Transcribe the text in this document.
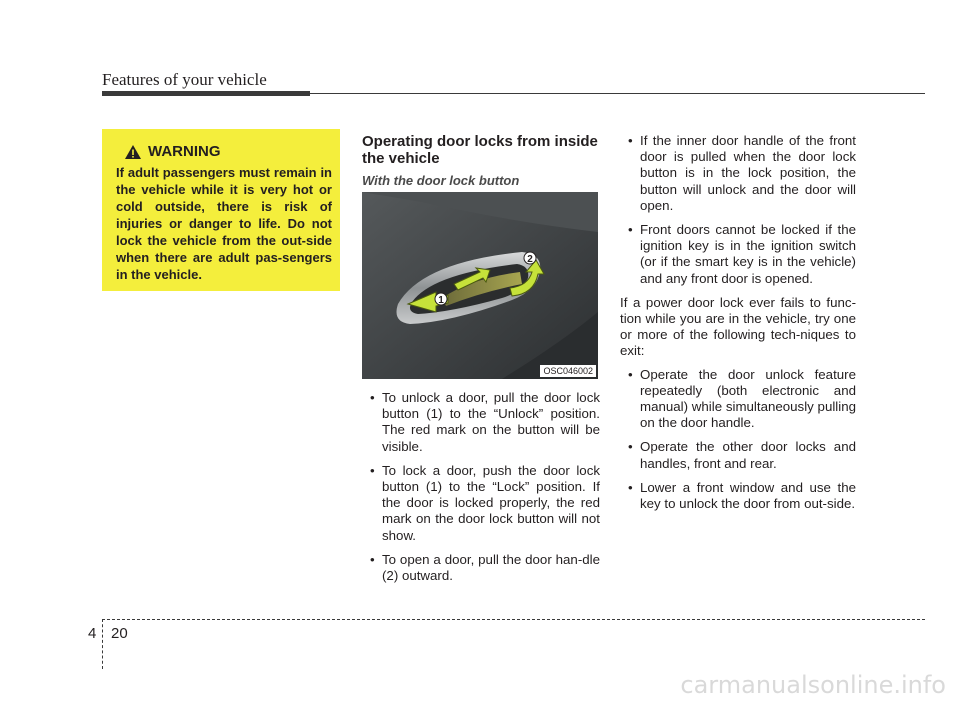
Features of your vehicle
WARNING

If adult passengers must remain in the vehicle while it is very hot or cold outside, there is risk of injuries or danger to life. Do not lock the vehicle from the out-side when there are adult pas-sengers in the vehicle.

Operating door locks from inside the vehicle
With the door lock button
1
2
OSC046002
• To unlock a door, pull the door lock button (1) to the “Unlock” position. The red mark on the button will be visible.
• To lock a door, push the door lock button (1) to the “Lock” position. If the door is locked properly, the red mark on the door lock button will not show.
• To open a door, pull the door han-dle (2) outward.
• If the inner door handle of the front door is pulled when the door lock button is in the lock position, the button will unlock and the door will open.
• Front doors cannot be locked if the ignition key is in the ignition switch (or if the smart key is in the vehicle) and any front door is opened.

If a power door lock ever fails to func-tion while you are in the vehicle, try one or more of the following tech-niques to exit:

• Operate the door unlock feature repeatedly (both electronic and manual) while simultaneously pulling on the door handle.
• Operate the other door locks and handles, front and rear.
• Lower a front window and use the key to unlock the door from out-side.
4 20
carmanualsonline.info
